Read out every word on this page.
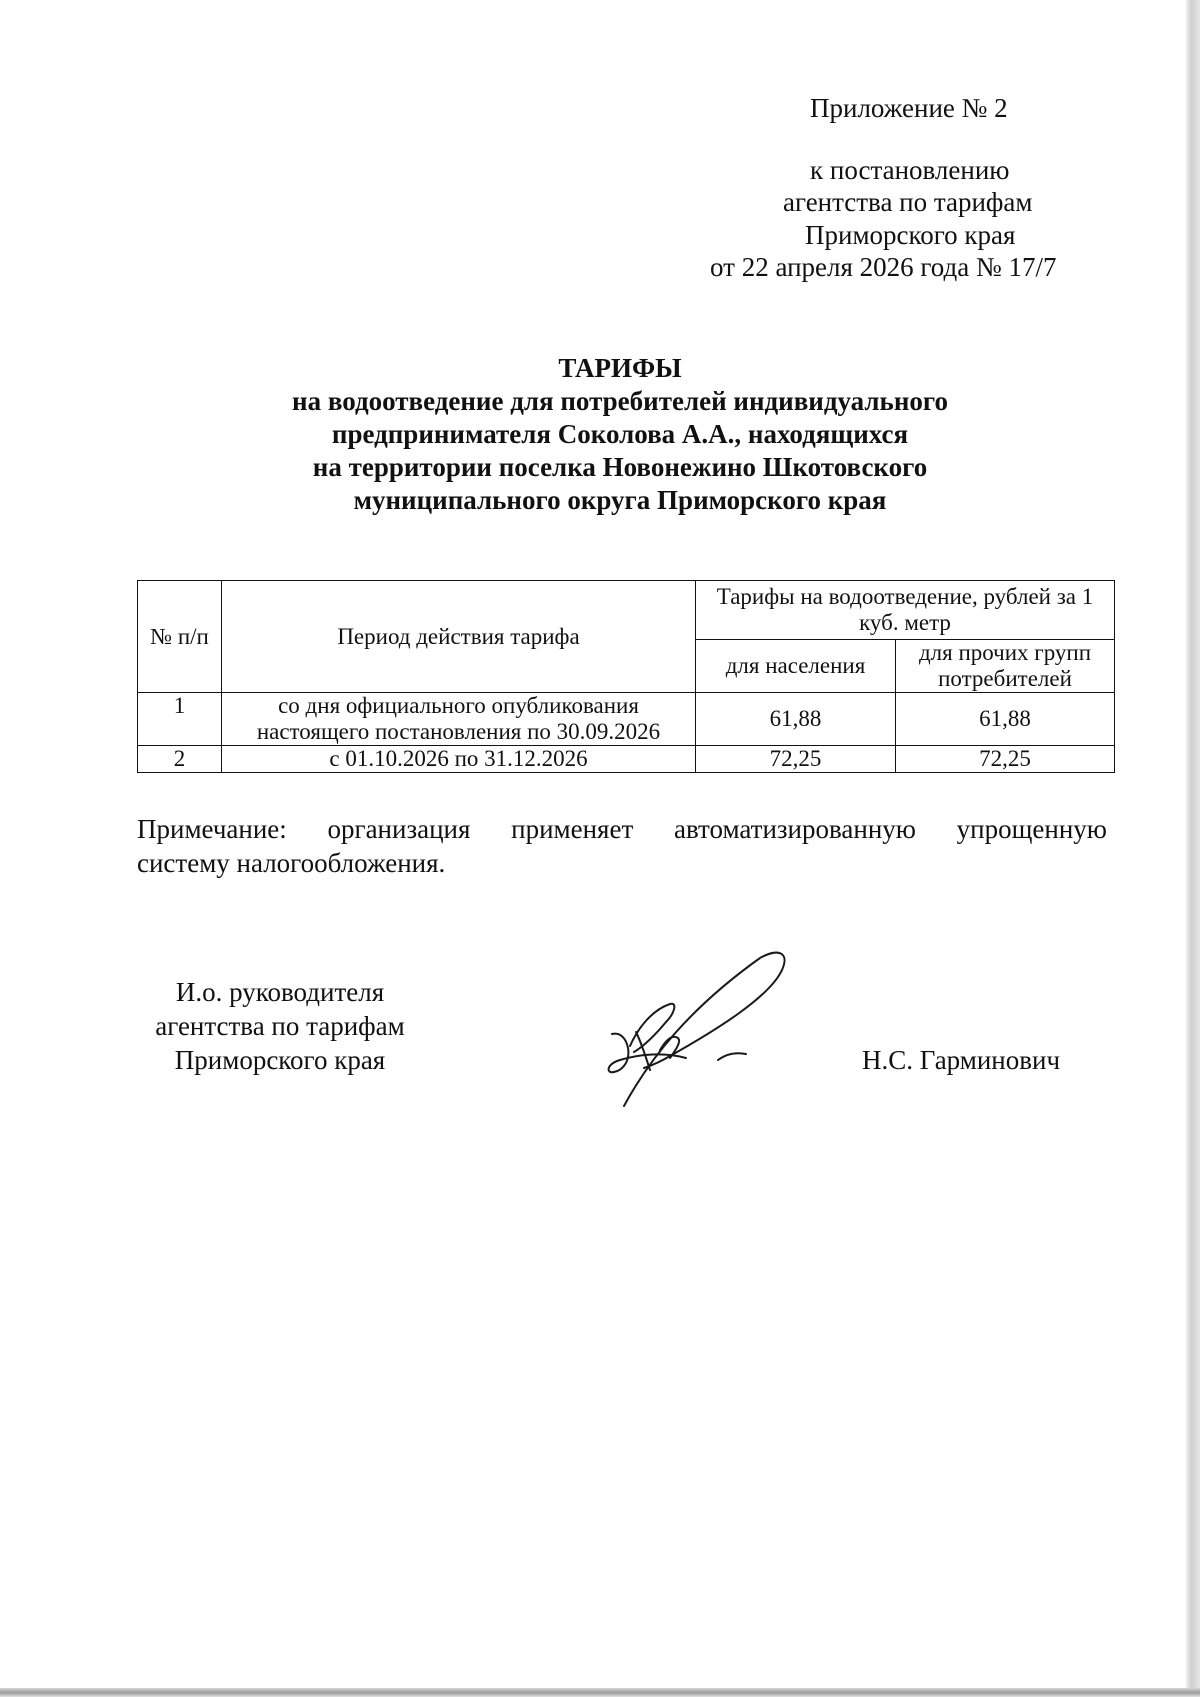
Приложение № 2
к постановлению
агентства по тарифам
Приморского края
от 22 апреля 2026 года № 17/7
ТАРИФЫ
на водоотведение для потребителей индивидуального
предпринимателя Соколова А.А., находящихся
на территории поселка Новонежино Шкотовского
муниципального округа Приморского края
№ п/п	Период действия тарифа	Тарифы на водоотведение, рублей за 1 куб. метр	
		для населения	для прочих групп потребителей
1	со дня официального опубликования настоящего постановления по 30.09.2026	61,88	61,88
2	с 01.10.2026 по 31.12.2026	72,25	72,25
Примечание: организация применяет автоматизированную упрощенную
систему налогообложения.
И.о. руководителя
агентства по тарифам
Приморского края	Н.С. Гарминович
